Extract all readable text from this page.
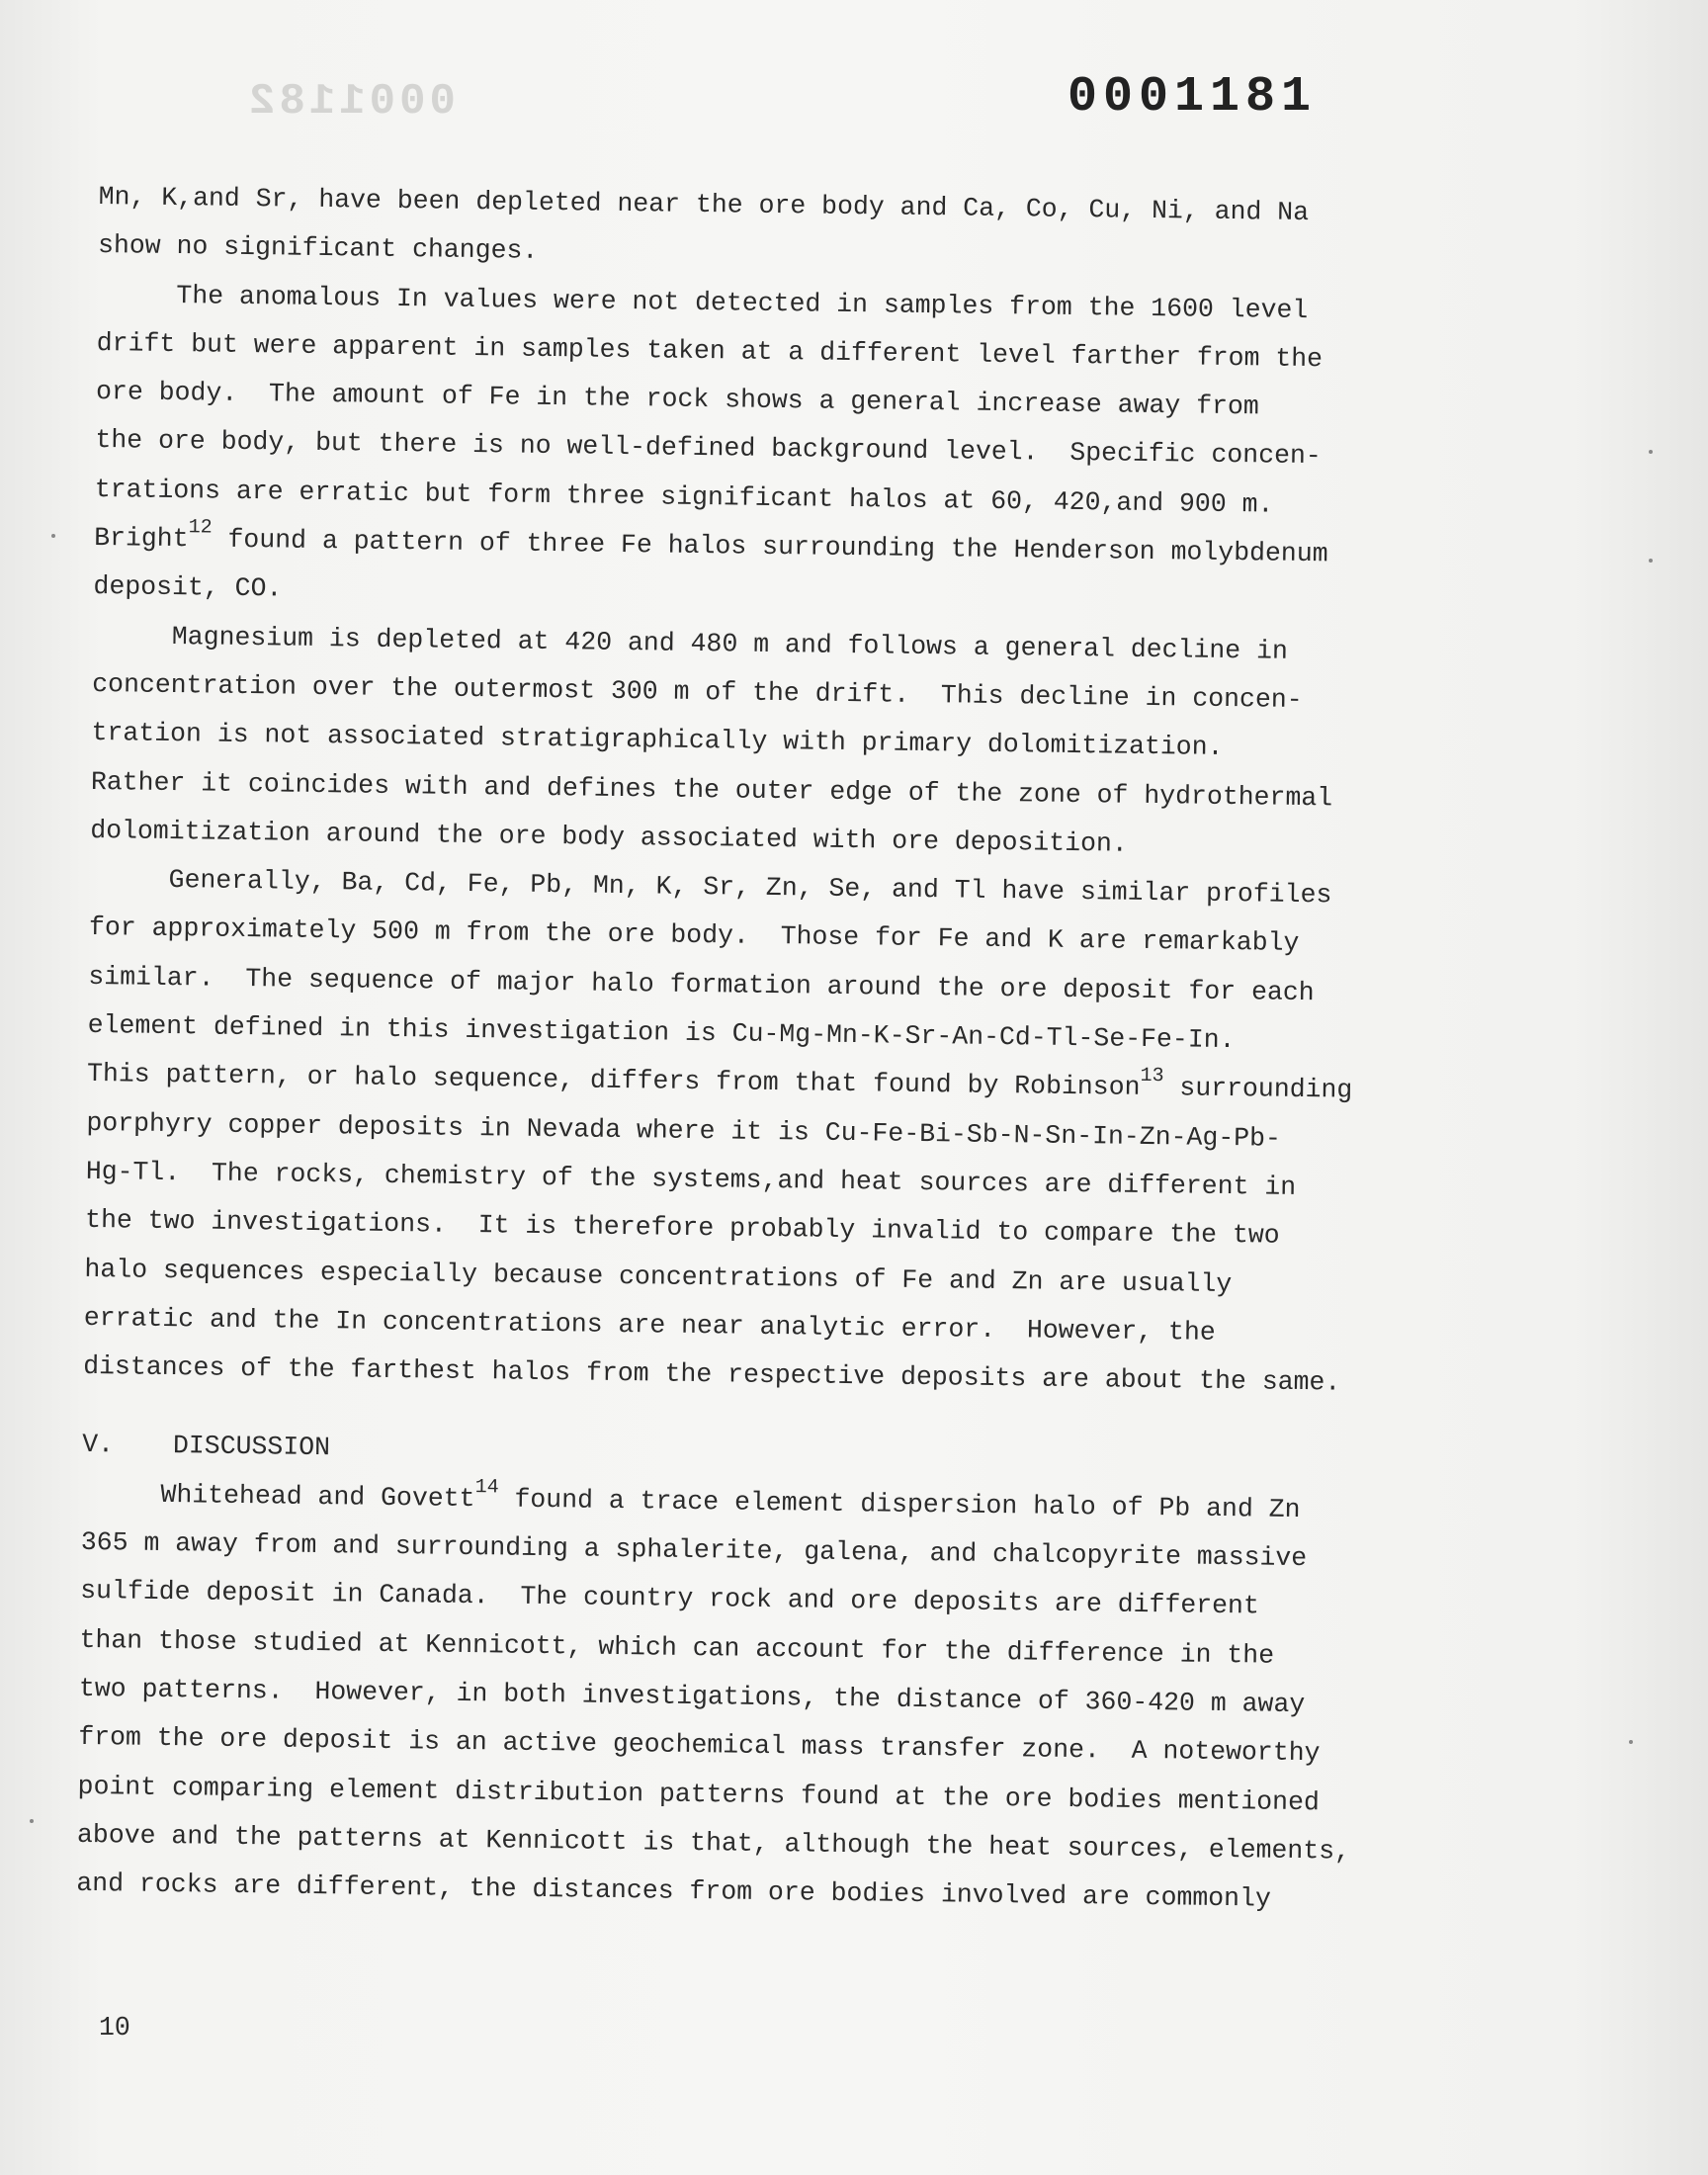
0001182	0001181
Mn, K,and Sr, have been depleted near the ore body and Ca, Co, Cu, Ni, and Na
show no significant changes.
The anomalous In values were not detected in samples from the 1600 level
drift but were apparent in samples taken at a different level farther from the
ore body.  The amount of Fe in the rock shows a general increase away from
the ore body, but there is no well-defined background level.  Specific concen-
trations are erratic but form three significant halos at 60, 420,and 900 m.
Bright$^{12}$ found a pattern of three Fe halos surrounding the Henderson molybdenum
deposit, CO.
Magnesium is depleted at 420 and 480 m and follows a general decline in
concentration over the outermost 300 m of the drift.  This decline in concen-
tration is not associated stratigraphically with primary dolomitization.
Rather it coincides with and defines the outer edge of the zone of hydrothermal
dolomitization around the ore body associated with ore deposition.
Generally, Ba, Cd, Fe, Pb, Mn, K, Sr, Zn, Se, and Tl have similar profiles
for approximately 500 m from the ore body.  Those for Fe and K are remarkably
similar.  The sequence of major halo formation around the ore deposit for each
element defined in this investigation is Cu-Mg-Mn-K-Sr-An-Cd-Tl-Se-Fe-In.
This pattern, or halo sequence, differs from that found by Robinson$^{13}$ surrounding
porphyry copper deposits in Nevada where it is Cu-Fe-Bi-Sb-N-Sn-In-Zn-Ag-Pb-
Hg-Tl.  The rocks, chemistry of the systems,and heat sources are different in
the two investigations.  It is therefore probably invalid to compare the two
halo sequences especially because concentrations of Fe and Zn are usually
erratic and the In concentrations are near analytic error.  However, the
distances of the farthest halos from the respective deposits are about the same.
V. DISCUSSION
Whitehead and Govett$^{14}$ found a trace element dispersion halo of Pb and Zn
365 m away from and surrounding a sphalerite, galena, and chalcopyrite massive
sulfide deposit in Canada.  The country rock and ore deposits are different
than those studied at Kennicott, which can account for the difference in the
two patterns.  However, in both investigations, the distance of 360-420 m away
from the ore deposit is an active geochemical mass transfer zone.  A noteworthy
point comparing element distribution patterns found at the ore bodies mentioned
above and the patterns at Kennicott is that, although the heat sources, elements,
and rocks are different, the distances from ore bodies involved are commonly
10
